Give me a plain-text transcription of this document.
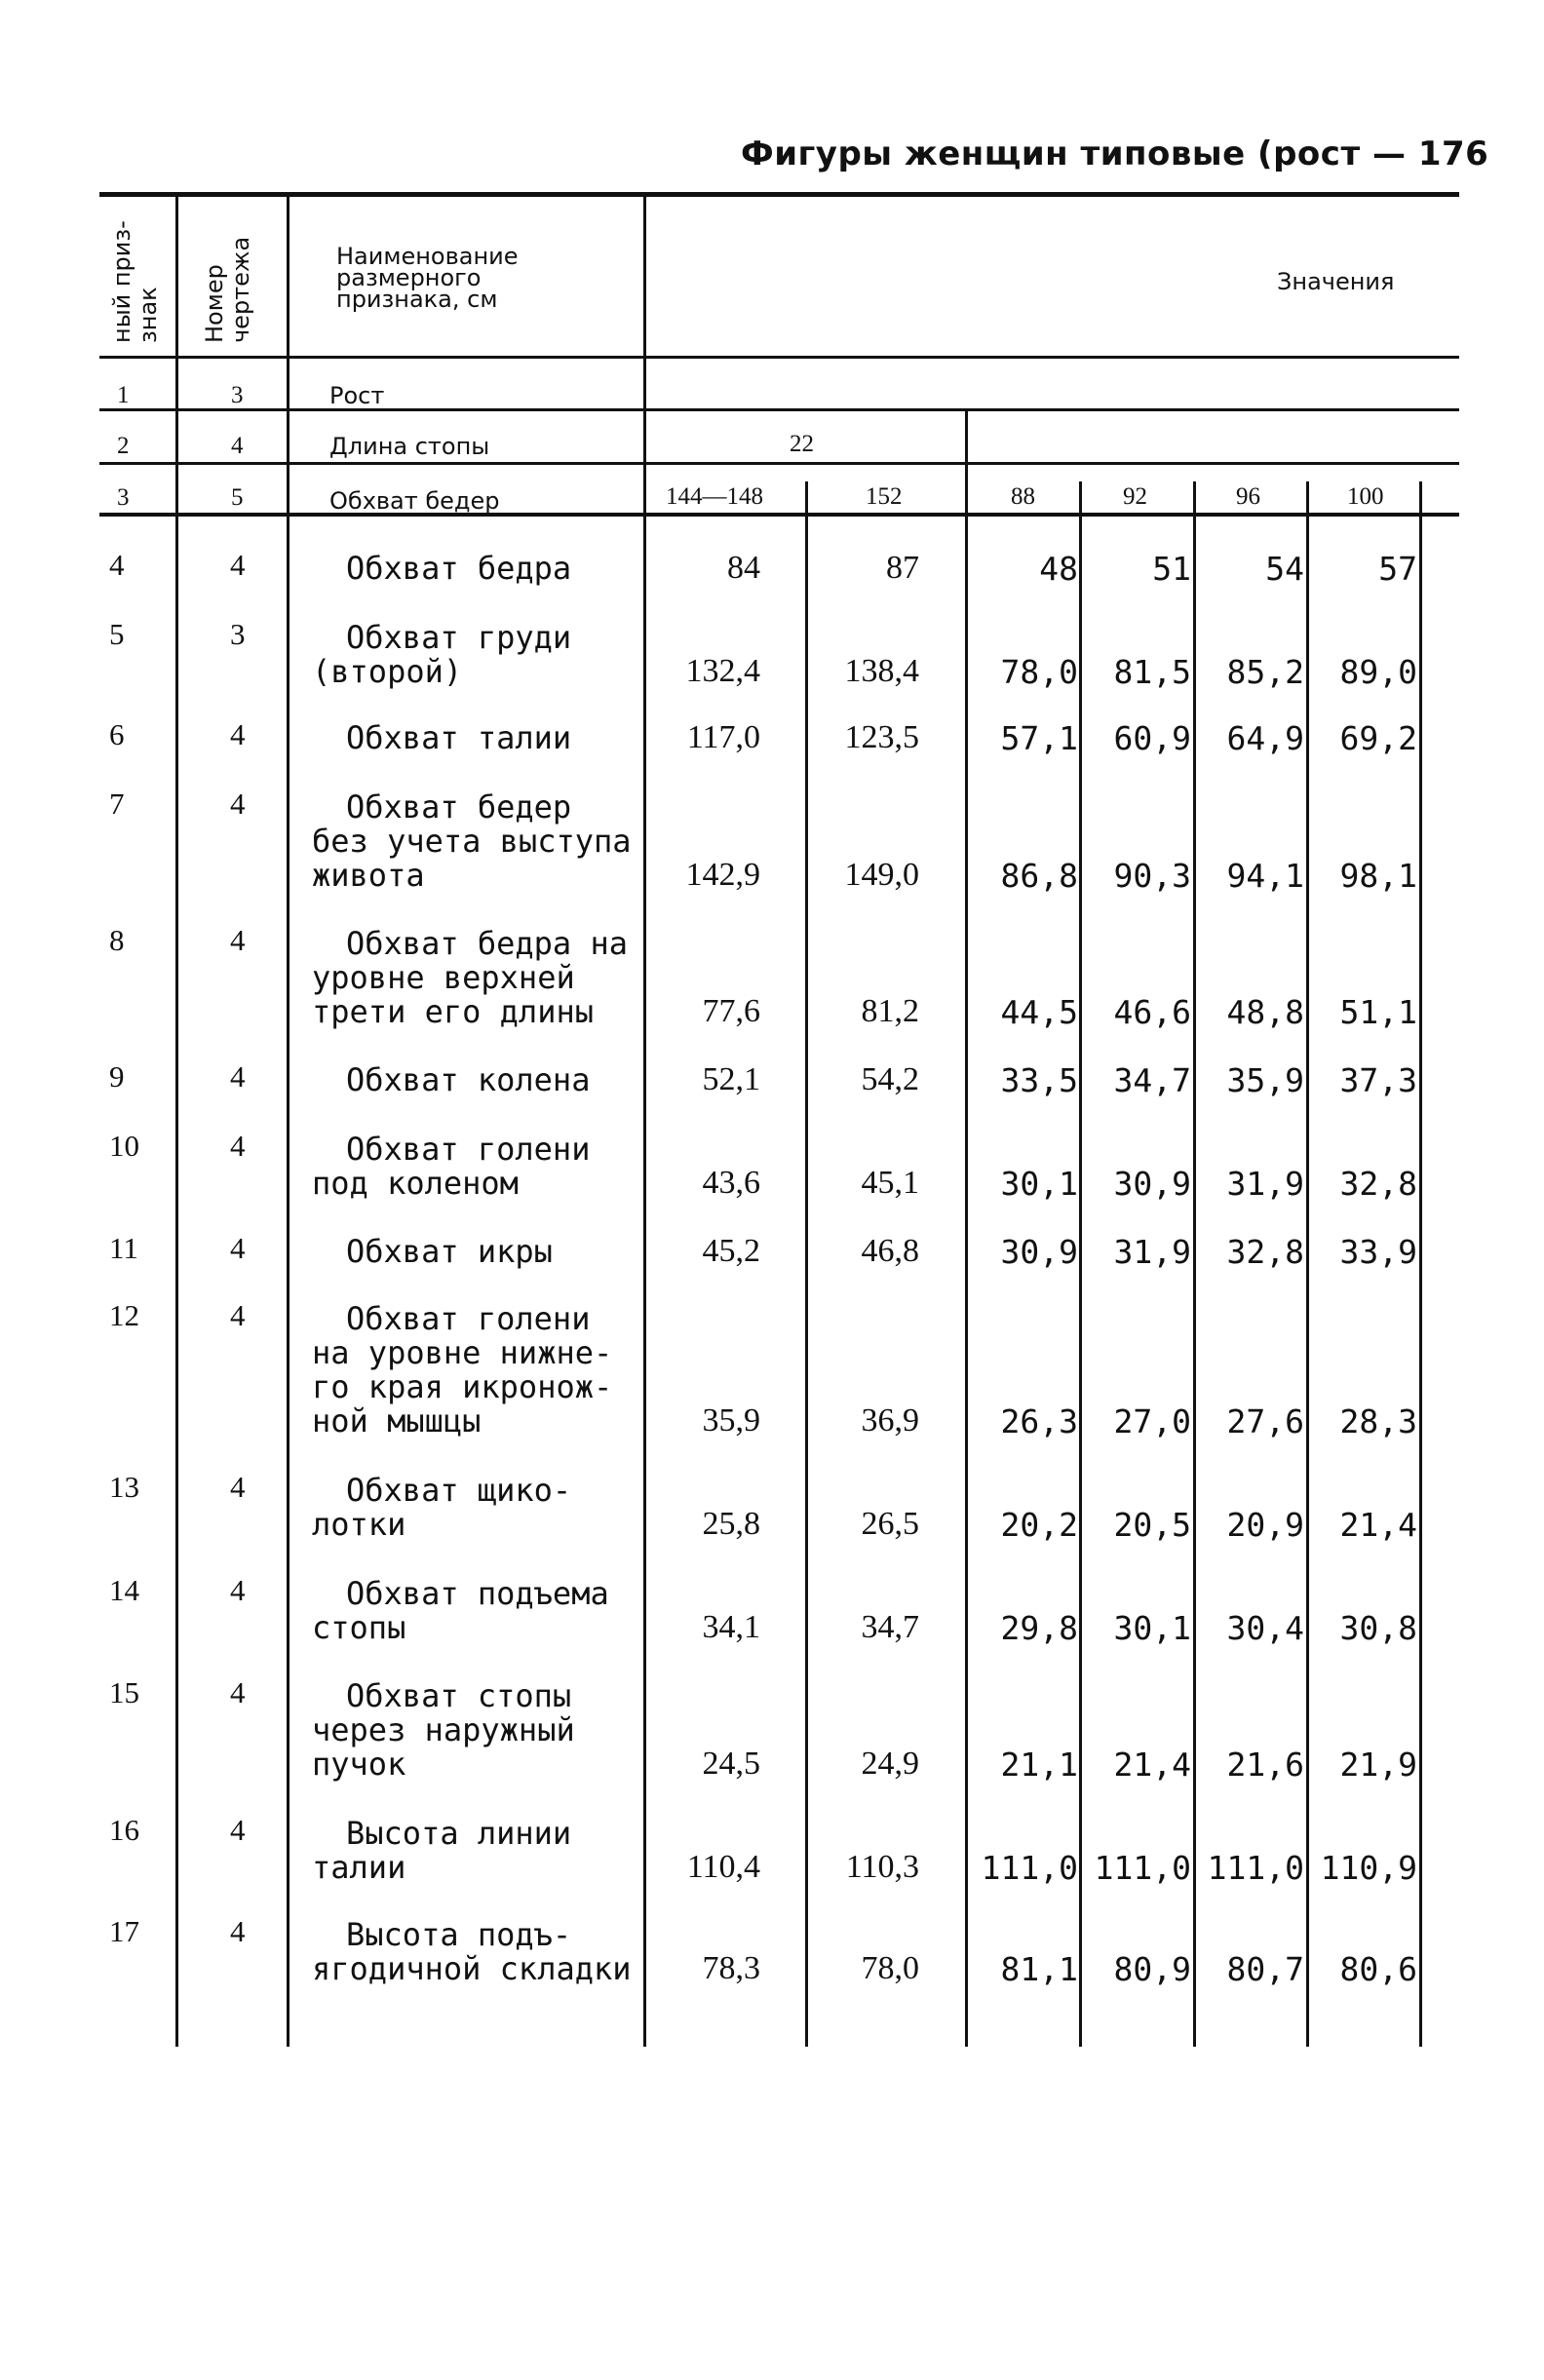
Фигуры женщин типовые (рост — 176
ный приз- знак Номер чертежа	Наименование
размерного
признака, см
Значения
1	3	Рост
2	4	Длина стопы	22
3	5	Обхват бедер	144—148	152	88	92	96	100
4	4	Обхват бедра	84	87	48 51 54 57
5	3	Обхват груди
(второй)	132,4	138,4	78,0 81,5 85,2 89,0
6	4	Обхват талии	117,0	123,5	57,1 60,9 64,9 69,2
7	4	Обхват бедер
без учета выступа
живота	142,9	149,0	86,8 90,3 94,1 98,1
8	4	Обхват бедра на
уровне верхней
трети его длины	77,6	81,2	44,5 46,6 48,8 51,1
9	4	Обхват колена	52,1	54,2	33,5 34,7 35,9 37,3
10	4	Обхват голени
под коленом	43,6	45,1	30,1 30,9 31,9 32,8
11	4	Обхват икры	45,2	46,8	30,9 31,9 32,8 33,9
12	4	Обхват голени
на уровне нижне-
го края икронож-
ной мышцы	35,9	36,9	26,3 27,0 27,6 28,3
13	4	Обхват щико-
лотки	25,8	26,5	20,2 20,5 20,9 21,4
14	4	Обхват подъема
стопы	34,1	34,7	29,8 30,1 30,4 30,8
15	4	Обхват стопы
через наружный
пучок	24,5	24,9	21,1 21,4 21,6 21,9
16	4	Высота линии
талии	110,4	110,3 111,0 111,0 111,0 110,9
17	4	Высота подъ-
ягодичной складки 78,3	78,0	81,1 80,9 80,7 80,6
